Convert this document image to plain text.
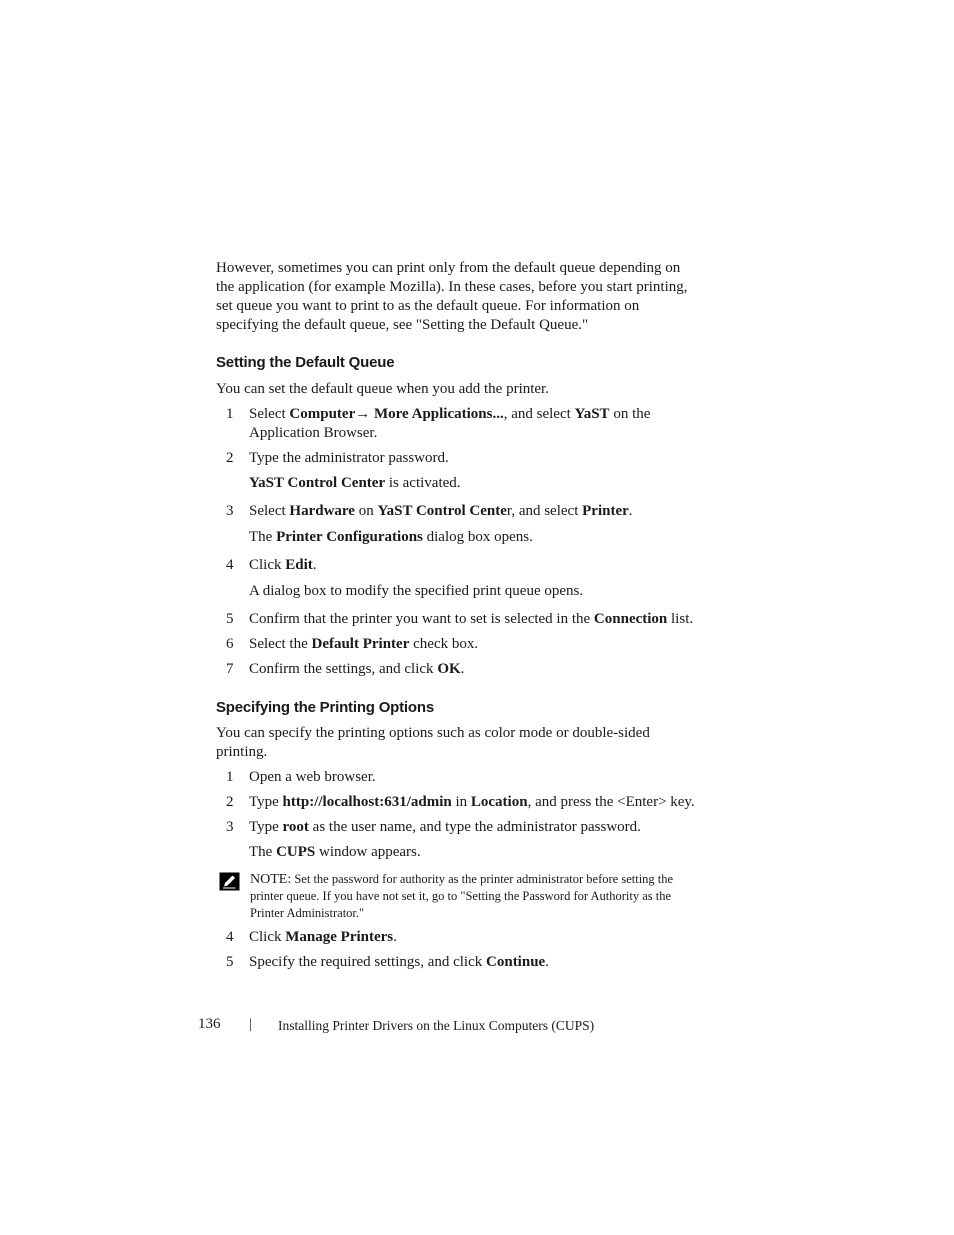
However, sometimes you can print only from the default queue depending on

the application (for example Mozilla). In these cases, before you start printing,

set queue you want to print to as the default queue. For information on

specifying the default queue, see "Setting the Default Queue."

Setting the Default Queue

You can set the default queue when you add the printer.

1 Select Computer→ More Applications..., and select YaST on the
Application Browser.
2 Type the administrator password.
YaST Control Center is activated.
3 Select Hardware on YaST Control Center, and select Printer.
The Printer Configurations dialog box opens.
4 Click Edit.
A dialog box to modify the specified print queue opens.
5 Confirm that the printer you want to set is selected in the Connection list.
6 Select the Default Printer check box.
7 Confirm the settings, and click OK.
Specifying the Printing Options

You can specify the printing options such as color mode or double-sided

printing.

1 Open a web browser.
2 Type http://localhost:631/admin in Location, and press the <Enter> key.
3 Type root as the user name, and type the administrator password.
The CUPS window appears.
NOTE: Set the password for authority as the printer administrator before setting the
printer queue. If you have not set it, go to "Setting the Password for Authority as the
Printer Administrator."
4 Click Manage Printers.
5 Specify the required settings, and click Continue.
136 | Installing Printer Drivers on the Linux Computers (CUPS)
